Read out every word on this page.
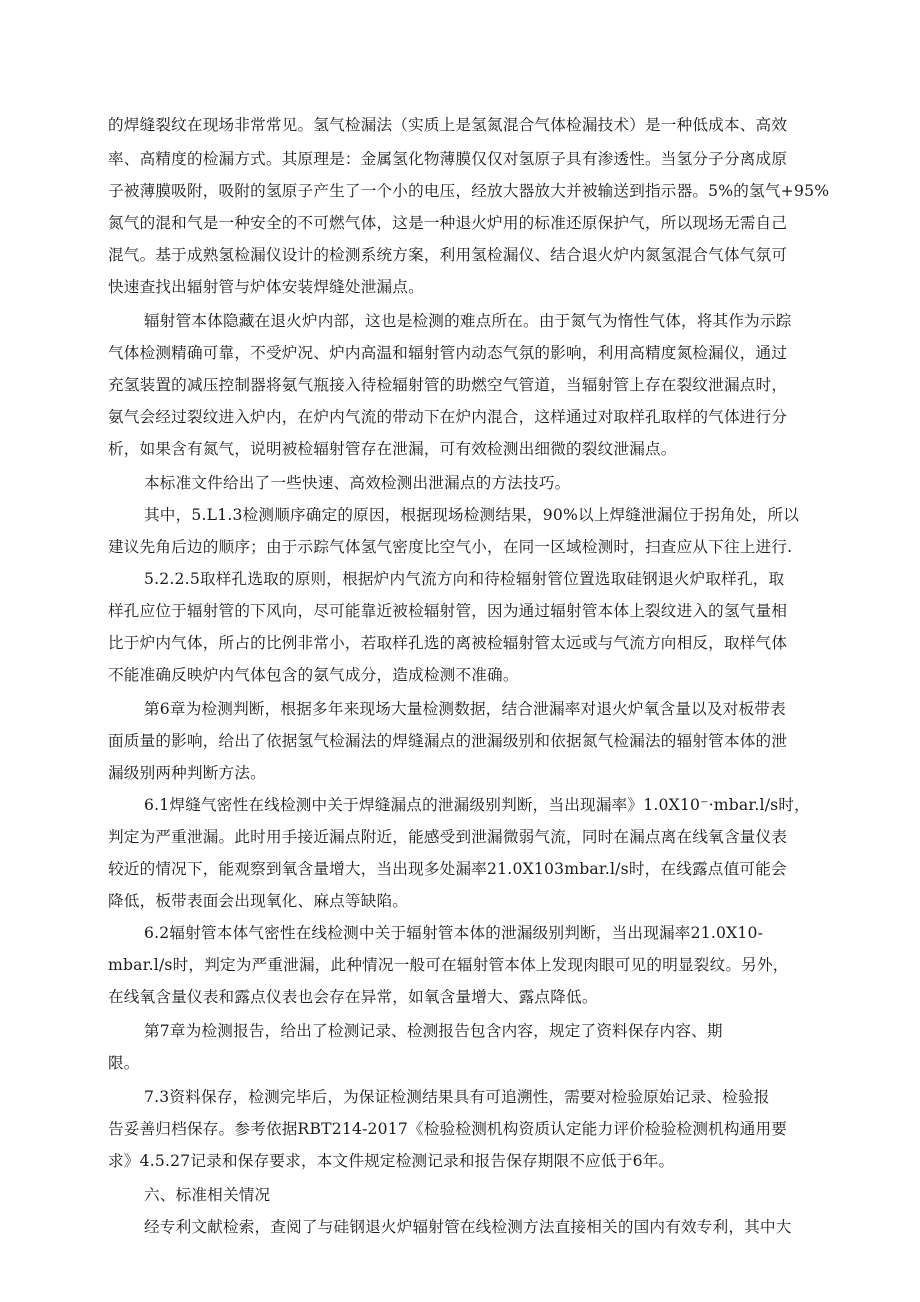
的焊缝裂纹在现场非常常见。氢气检漏法（实质上是氢氮混合气体检漏技术）是一种低成本、高效

率、高精度的检漏方式。其原理是：金属氢化物薄膜仅仅对氢原子具有渗透性。当氢分子分离成原

子被薄膜吸附，吸附的氢原子产生了一个小的电压，经放大器放大并被输送到指示器。5%的氢气+95%

氮气的混和气是一种安全的不可燃气体，这是一种退火炉用的标准还原保护气，所以现场无需自己

混气。基于成熟氢检漏仪设计的检测系统方案，利用氢检漏仪、结合退火炉内氮氢混合气体气氛可

快速查找出辐射管与炉体安装焊缝处泄漏点。

辐射管本体隐藏在退火炉内部，这也是检测的难点所在。由于氮气为惰性气体，将其作为示踪

气体检测精确可靠，不受炉况、炉内高温和辐射管内动态气氛的影响，利用高精度氮检漏仪，通过

充氢装置的减压控制器将氨气瓶接入待检辐射管的助燃空气管道，当辐射管上存在裂纹泄漏点时，

氨气会经过裂纹进入炉内，在炉内气流的带动下在炉内混合，这样通过对取样孔取样的气体进行分

析，如果含有氮气，说明被检辐射管存在泄漏，可有效检测出细微的裂纹泄漏点。

本标准文件给出了一些快速、高效检测出泄漏点的方法技巧。

其中，5.L1.3检测顺序确定的原因，根据现场检测结果，90%以上焊缝泄漏位于拐角处，所以

建议先角后边的顺序；由于示踪气体氢气密度比空气小，在同一区域检测时，扫查应从下往上进行.

5.2.2.5取样孔选取的原则，根据炉内气流方向和待检辐射管位置选取硅钢退火炉取样孔，取

样孔应位于辐射管的下风向，尽可能靠近被检辐射管，因为通过辐射管本体上裂纹进入的氢气量相

比于炉内气体，所占的比例非常小，若取样孔选的离被检辐射管太远或与气流方向相反，取样气体

不能准确反映炉内气体包含的氨气成分，造成检测不准确。

第6章为检测判断，根据多年来现场大量检测数据，结合泄漏率对退火炉氧含量以及对板带表

面质量的影响，给出了依据氢气检漏法的焊缝漏点的泄漏级别和依据氮气检漏法的辐射管本体的泄

漏级别两种判断方法。

6.1焊缝气密性在线检测中关于焊缝漏点的泄漏级别判断，当出现漏率》1.0X10⁻·mbar.l/s时，

判定为严重泄漏。此时用手接近漏点附近，能感受到泄漏微弱气流，同时在漏点离在线氧含量仪表

较近的情况下，能观察到氧含量增大，当出现多处漏率21.0X103mbar.l/s时，在线露点值可能会

降低，板带表面会出现氧化、麻点等缺陷。

6.2辐射管本体气密性在线检测中关于辐射管本体的泄漏级别判断，当出现漏率21.0X10-

mbar.l/s时，判定为严重泄漏，此种情况一般可在辐射管本体上发现肉眼可见的明显裂纹。另外，

在线氧含量仪表和露点仪表也会存在异常，如氧含量增大、露点降低。

第7章为检测报告，给出了检测记录、检测报告包含内容，规定了资料保存内容、期

限。

7.3资料保存，检测完毕后，为保证检测结果具有可追溯性，需要对检验原始记录、检验报

告妥善归档保存。参考依据RBT214-2017《检验检测机构资质认定能力评价检验检测机构通用要

求》4.5.27记录和保存要求，本文件规定检测记录和报告保存期限不应低于6年。

六、标准相关情况

经专利文献检索，查阅了与硅钢退火炉辐射管在线检测方法直接相关的国内有效专利，其中大
